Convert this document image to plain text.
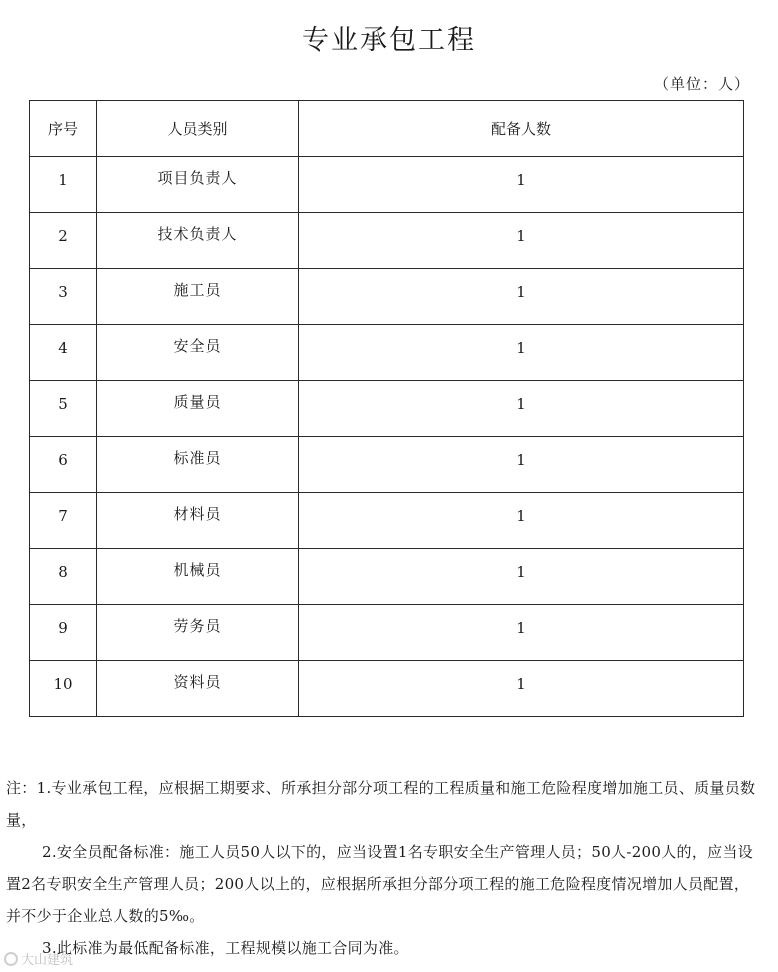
专业承包工程
（单位：人）
序号	人员类别	配备人数
1	项目负责人	1
2	技术负责人	1
3	施工员	1
4	安全员	1
5	质量员	1
6	标准员	1
7	材料员	1
8	机械员	1
9	劳务员	1
10	资料员	1

注：1.专业承包工程，应根据工期要求、所承担分部分项工程的工程质量和施工危险程度增加施工员、质量员数量，

2.安全员配备标准：施工人员50人以下的，应当设置1名专职安全生产管理人员；50人-200人的，应当设置2名专职安全生产管理人员；200人以上的，应根据所承担分部分项工程的施工危险程度情况增加人员配置，并不少于企业总人数的5‰。

3.此标准为最低配备标准，工程规模以施工合同为准。

大山建筑
